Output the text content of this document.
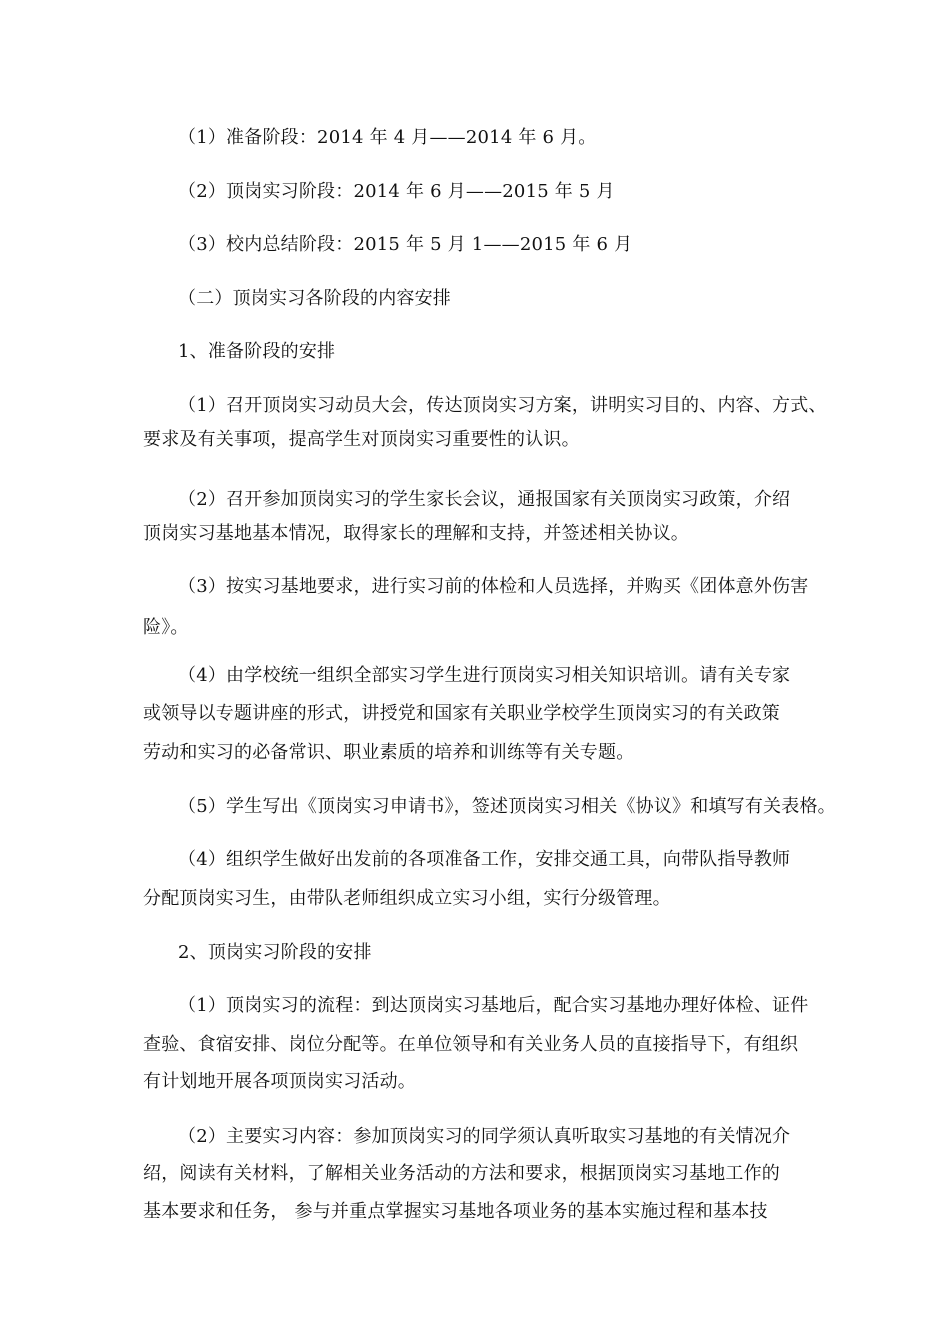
（1）准备阶段：2014 年 4 月——2014 年 6 月。
（2）顶岗实习阶段：2014 年 6 月——2015 年 5 月
（3）校内总结阶段：2015 年 5 月 1——2015 年 6 月
（二）顶岗实习各阶段的内容安排
1、准备阶段的安排
（1）召开顶岗实习动员大会，传达顶岗实习方案，讲明实习目的、内容、方式、
要求及有关事项，提高学生对顶岗实习重要性的认识。
（2）召开参加顶岗实习的学生家长会议，通报国家有关顶岗实习政策，介绍
顶岗实习基地基本情况，取得家长的理解和支持，并签述相关协议。
（3）按实习基地要求，进行实习前的体检和人员选择，并购买《团体意外伤害
险》。
（4）由学校统一组织全部实习学生进行顶岗实习相关知识培训。请有关专家
或领导以专题讲座的形式，讲授党和国家有关职业学校学生顶岗实习的有关政策
劳动和实习的必备常识、职业素质的培养和训练等有关专题。
（5）学生写出《顶岗实习申请书》，签述顶岗实习相关《协议》和填写有关表格。
（4）组织学生做好出发前的各项准备工作，安排交通工具，向带队指导教师
分配顶岗实习生，由带队老师组织成立实习小组，实行分级管理。
2、顶岗实习阶段的安排
（1）顶岗实习的流程：到达顶岗实习基地后，配合实习基地办理好体检、证件
查验、食宿安排、岗位分配等。在单位领导和有关业务人员的直接指导下，有组织
有计划地开展各项顶岗实习活动。
（2）主要实习内容：参加顶岗实习的同学须认真听取实习基地的有关情况介
绍，阅读有关材料，了解相关业务活动的方法和要求，根据顶岗实习基地工作的
基本要求和任务， 参与并重点掌握实习基地各项业务的基本实施过程和基本技
